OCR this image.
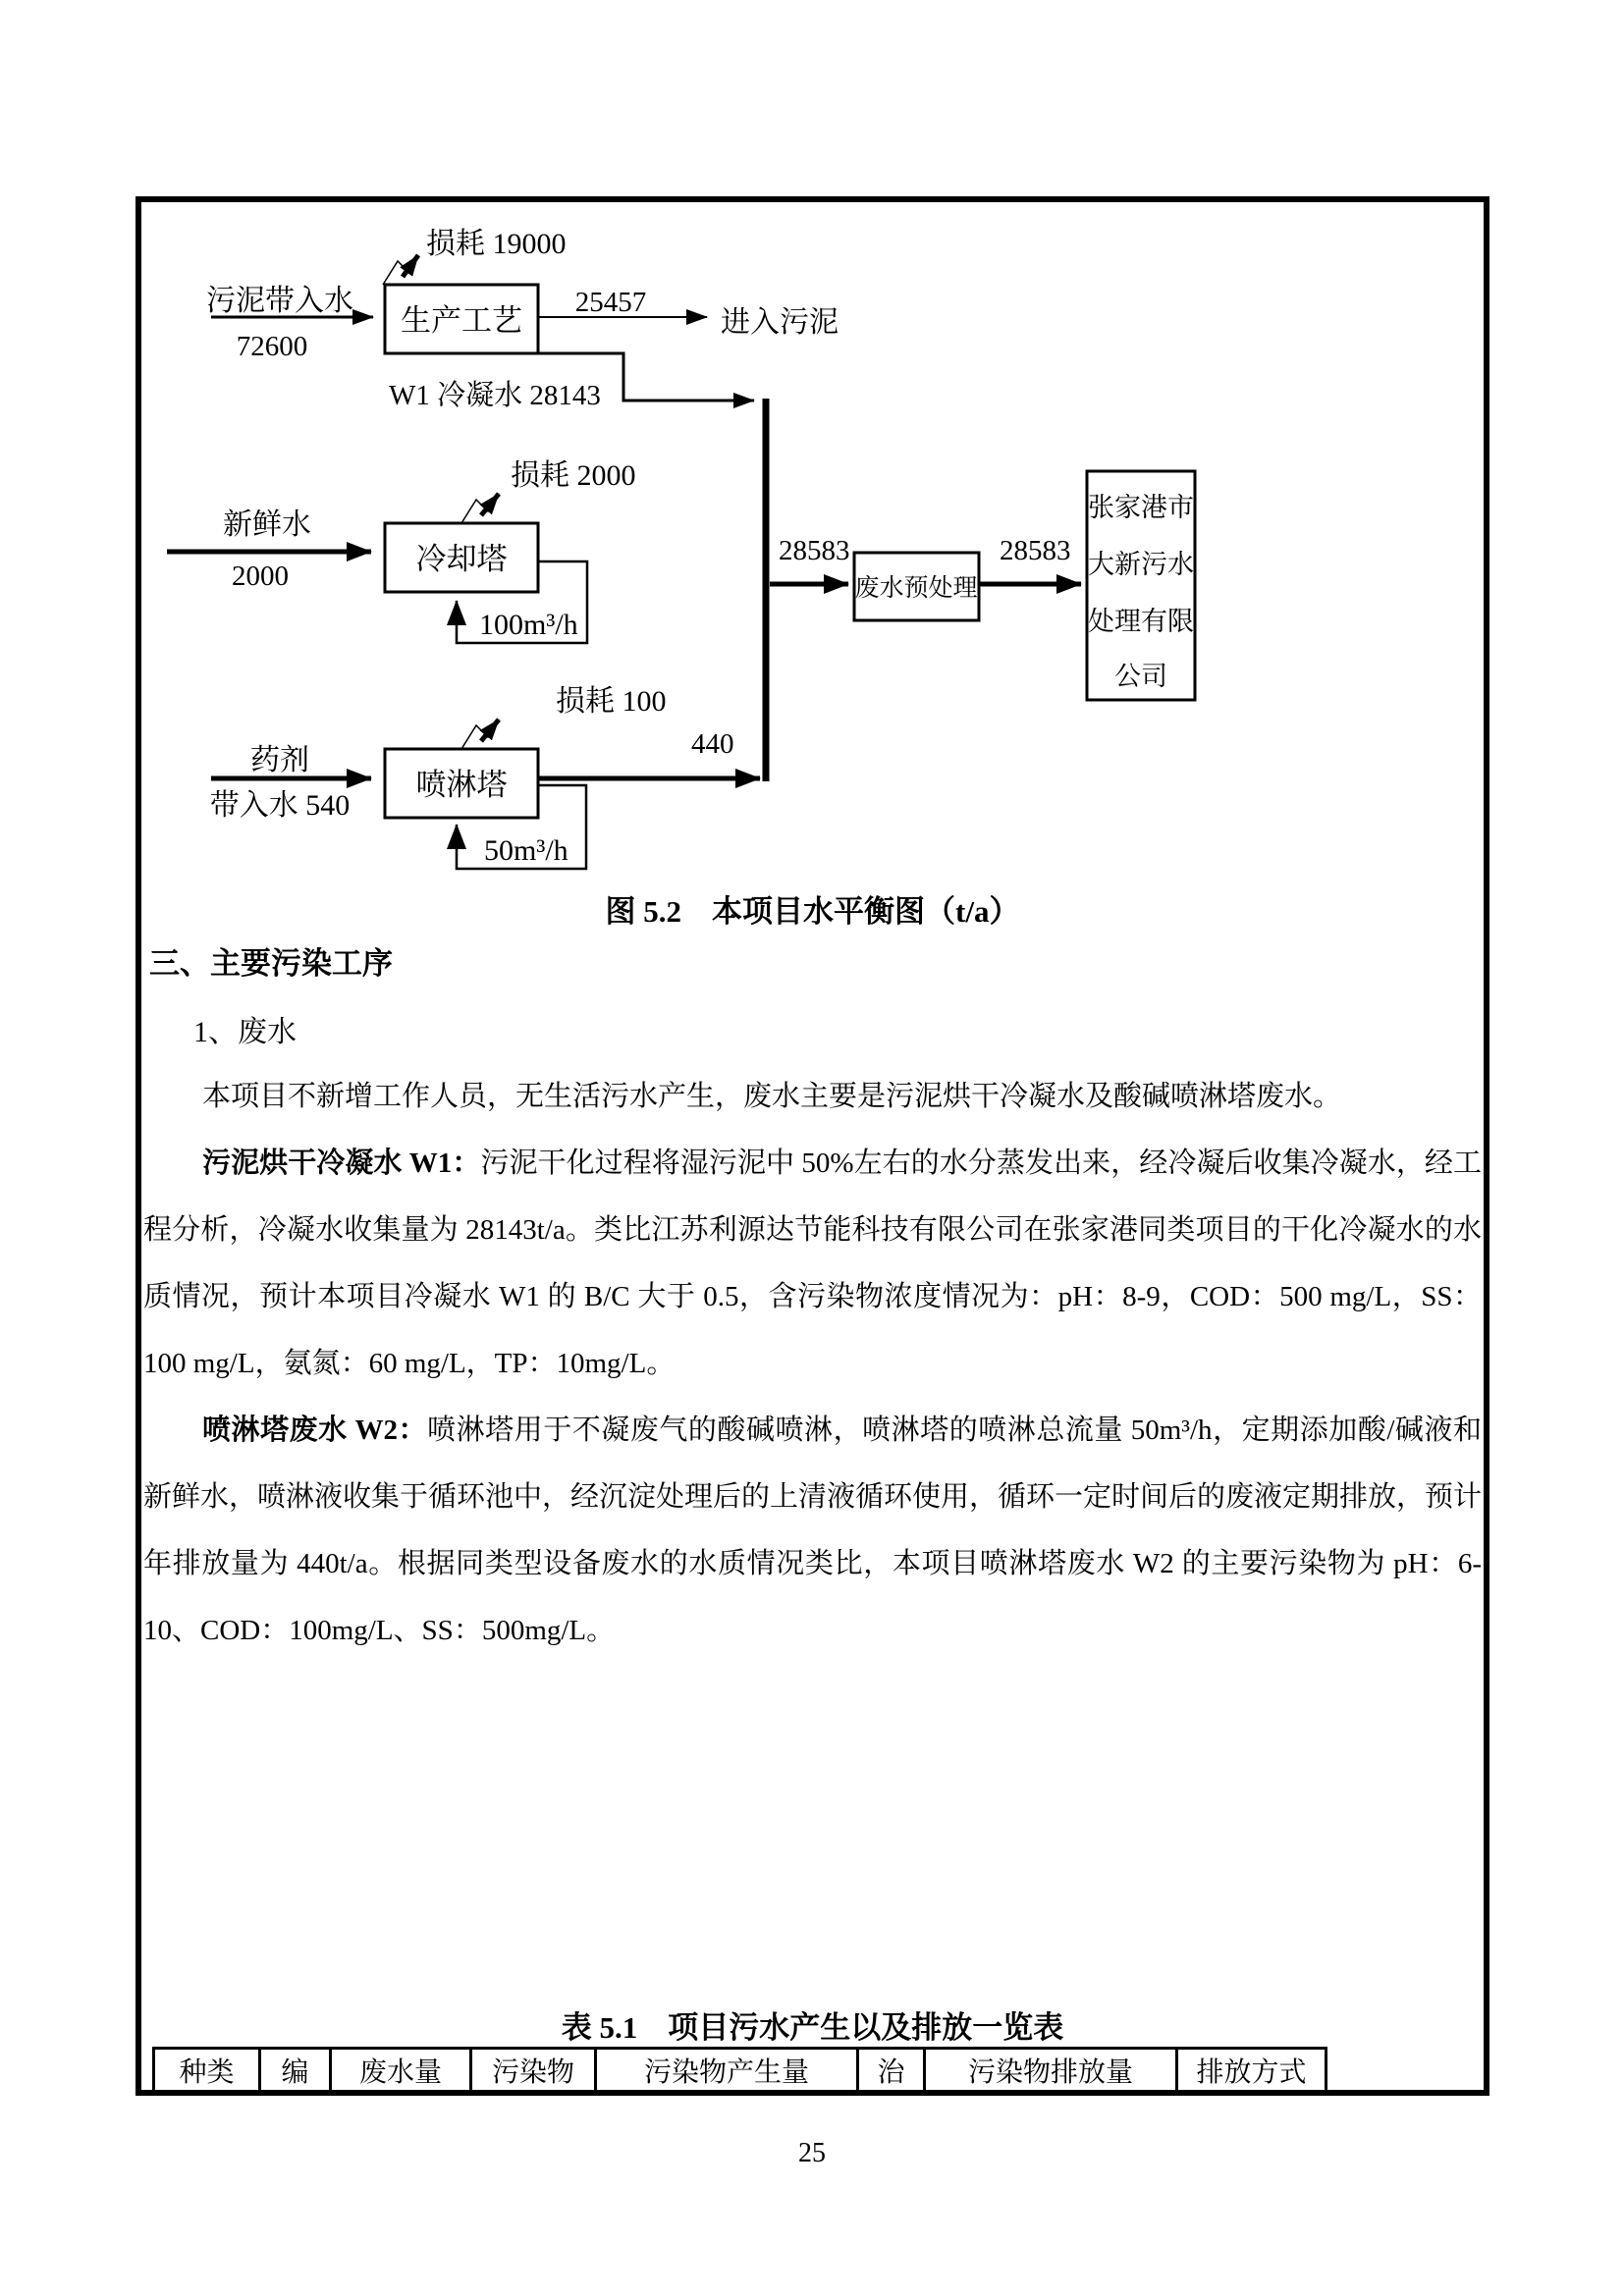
生产工艺
冷却塔
喷淋塔
废水预处理
张家港市
大新污水
处理有限
公司
污泥带入水
72600
损耗 19000
25457
进入污泥
W1 冷凝水 28143
新鲜水
2000
损耗 2000
100m³/h
药剂
带入水 540
损耗 100
50m³/h
440
28583	28583
图 5.2　本项目水平衡图（t/a）
三、主要污染工序
1、废水

本项目不新增工作人员，无生活污水产生，废水主要是污泥烘干冷凝水及酸碱喷淋塔废水。

污泥烘干冷凝水 W1：污泥干化过程将湿污泥中 50%左右的水分蒸发出来，经冷凝后收集冷凝水，经工程分析，冷凝水收集量为 28143t/a。类比江苏利源达节能科技有限公司在张家港同类项目的干化冷凝水的水质情况，预计本项目冷凝水 W1 的 B/C 大于 0.5，含污染物浓度情况为：pH：8-9，COD：500 mg/L，SS：100 mg/L，氨氮：60 mg/L，TP：10mg/L。

喷淋塔废水 W2：喷淋塔用于不凝废气的酸碱喷淋，喷淋塔的喷淋总流量 50m³/h，定期添加酸/碱液和新鲜水，喷淋液收集于循环池中，经沉淀处理后的上清液循环使用，循环一定时间后的废液定期排放，预计年排放量为 440t/a。根据同类型设备废水的水质情况类比，本项目喷淋塔废水 W2 的主要污染物为 pH：6-10、COD：100mg/L、SS：500mg/L。

表 5.1　项目污水产生以及排放一览表
种类	编	废水量	污染物	污染物产生量	治	污染物排放量	排放方式
25
